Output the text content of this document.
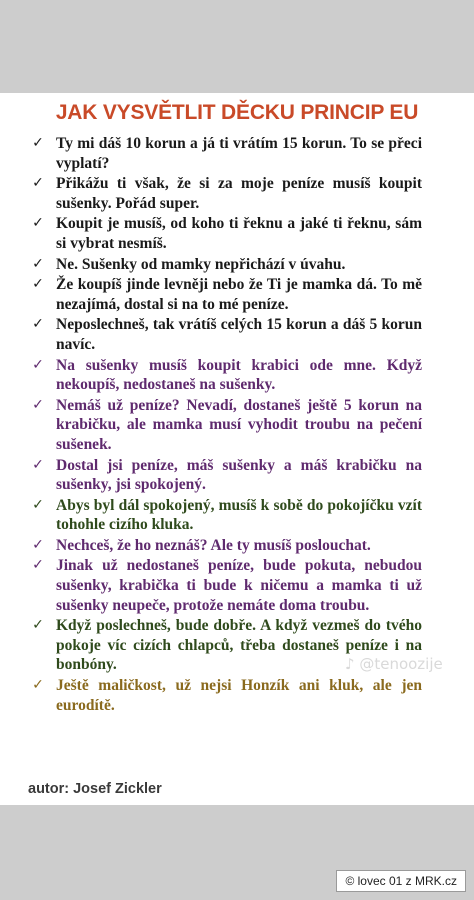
JAK VYSVĚTLIT DĚCKU PRINCIP EU
✓ Ty mi dáš 10 korun a já ti vrátím 15 korun. To se přeci vyplatí?
✓ Přikážu ti však, že si za moje peníze musíš koupit sušenky. Pořád super.
✓ Koupit je musíš, od koho ti řeknu a jaké ti řeknu, sám si vybrat nesmíš.
✓ Ne. Sušenky od mamky nepřichází v úvahu.
✓ Že koupíš jinde levněji nebo že Ti je mamka dá. To mě nezajímá, dostal si na to mé peníze.
✓ Neposlechneš, tak vrátíš celých 15 korun a dáš 5 korun navíc.
✓ Na sušenky musíš koupit krabici ode mne. Když nekoupíš, nedostaneš na sušenky.
✓ Nemáš už peníze? Nevadí, dostaneš ještě 5 korun na krabičku, ale mamka musí vyhodit troubu na pečení sušenek.
✓ Dostal jsi peníze, máš sušenky a máš krabičku na sušenky, jsi spokojený.
✓ Abys byl dál spokojený, musíš k sobě do pokojíčku vzít tohohle cizího kluka.
✓ Nechceš, že ho neznáš? Ale ty musíš poslouchat.
✓ Jinak už nedostaneš peníze, bude pokuta, nebudou sušenky, krabička ti bude k ničemu a mamka ti už sušenky neupeče, protože nemáte doma troubu.
✓ Když poslechneš, bude dobře. A když vezmeš do tvého pokoje víc cizích chlapců, třeba dostaneš peníze i na bonbóny.
✓ Ještě maličkost, už nejsi Honzík ani kluk, ale jen eurodítě.
♪ @tenoozije
autor: Josef Zickler
© lovec 01 z MRK.cz
